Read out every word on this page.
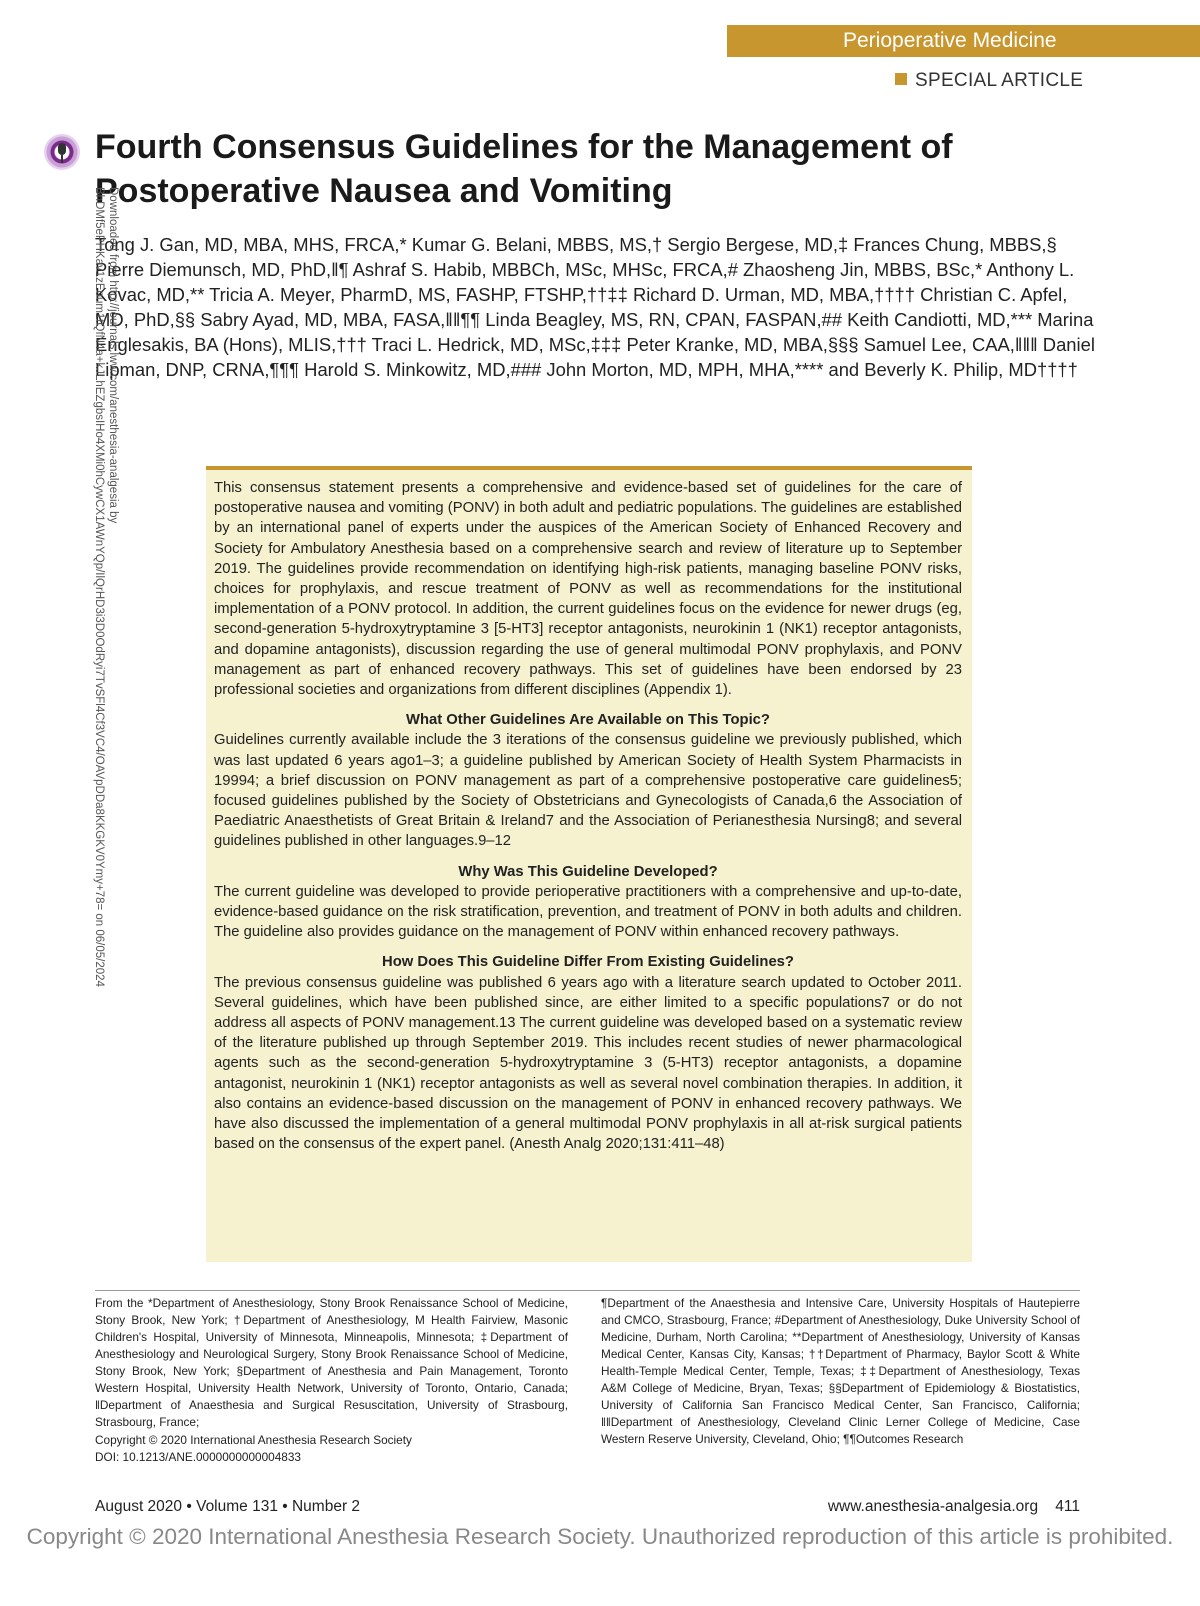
Perioperative Medicine
SPECIAL ARTICLE
Fourth Consensus Guidelines for the Management of Postoperative Nausea and Vomiting
Tong J. Gan, MD, MBA, MHS, FRCA,* Kumar G. Belani, MBBS, MS,† Sergio Bergese, MD,‡ Frances Chung, MBBS,§ Pierre Diemunsch, MD, PhD,‖¶ Ashraf S. Habib, MBBCh, MSc, MHSc, FRCA,# Zhaosheng Jin, MBBS, BSc,* Anthony L. Kovac, MD,** Tricia A. Meyer, PharmD, MS, FASHP, FTSHP,††‡‡ Richard D. Urman, MD, MBA,†††† Christian C. Apfel, MD, PhD,§§ Sabry Ayad, MD, MBA, FASA,‖‖¶¶ Linda Beagley, MS, RN, CPAN, FASPAN,## Keith Candiotti, MD,*** Marina Englesakis, BA (Hons), MLIS,††† Traci L. Hedrick, MD, MSc,‡‡‡ Peter Kranke, MD, MBA,§§§ Samuel Lee, CAA,‖‖‖ Daniel Lipman, DNP, CRNA,¶¶¶ Harold S. Minkowitz, MD,### John Morton, MD, MPH, MHA,**** and Beverly K. Philip, MD††††
Downloaded from http://journals.lww.com/anesthesia-analgesia by BhDMf5ePHKav1zEoum1tQfN4a+kJLhEZgbsIHo4XMi0hCywCX1AWnYQp/IlQrHD3i3D0OdRyi7TvSFl4Cf3VC4/OAVpDDa8KKGKV0Ymy+78= on 06/05/2024	This consensus statement presents a comprehensive and evidence-based set of guidelines for the care of postoperative nausea and vomiting (PONV) in both adult and pediatric populations. The guidelines are established by an international panel of experts under the auspices of the American Society of Enhanced Recovery and Society for Ambulatory Anesthesia based on a comprehensive search and review of literature up to September 2019. The guidelines provide recommendation on identifying high-risk patients, managing baseline PONV risks, choices for prophylaxis, and rescue treatment of PONV as well as recommendations for the institutional implementation of a PONV protocol. In addition, the current guidelines focus on the evidence for newer drugs (eg, second-generation 5-hydroxytryptamine 3 [5-HT3] receptor antagonists, neurokinin 1 (NK1) receptor antagonists, and dopamine antagonists), discussion regarding the use of general multimodal PONV prophylaxis, and PONV management as part of enhanced recovery pathways. This set of guidelines have been endorsed by 23 professional societies and organizations from different disciplines (Appendix 1).

What Other Guidelines Are Available on This Topic?

Guidelines currently available include the 3 iterations of the consensus guideline we previously published, which was last updated 6 years ago1–3; a guideline published by American Society of Health System Pharmacists in 19994; a brief discussion on PONV management as part of a comprehensive postoperative care guidelines5; focused guidelines published by the Society of Obstetricians and Gynecologists of Canada,6 the Association of Paediatric Anaesthetists of Great Britain & Ireland7 and the Association of Perianesthesia Nursing8; and several guidelines published in other languages.9–12

Why Was This Guideline Developed?

The current guideline was developed to provide perioperative practitioners with a comprehensive and up-to-date, evidence-based guidance on the risk stratification, prevention, and treatment of PONV in both adults and children. The guideline also provides guidance on the management of PONV within enhanced recovery pathways.

How Does This Guideline Differ From Existing Guidelines?

The previous consensus guideline was published 6 years ago with a literature search updated to October 2011. Several guidelines, which have been published since, are either limited to a specific populations7 or do not address all aspects of PONV management.13 The current guideline was developed based on a systematic review of the literature published up through September 2019. This includes recent studies of newer pharmacological agents such as the second-generation 5-hydroxytryptamine 3 (5-HT3) receptor antagonists, a dopamine antagonist, neurokinin 1 (NK1) receptor antagonists as well as several novel combination therapies. In addition, it also contains an evidence-based discussion on the management of PONV in enhanced recovery pathways. We have also discussed the implementation of a general multimodal PONV prophylaxis in all at-risk surgical patients based on the consensus of the expert panel. (Anesth Analg 2020;131:411–48)

From the *Department of Anesthesiology, Stony Brook Renaissance School of Medicine, Stony Brook, New York; †Department of Anesthesiology, M Health Fairview, Masonic Children's Hospital, University of Minnesota, Minneapolis, Minnesota; ‡Department of Anesthesiology and Neurological Surgery, Stony Brook Renaissance School of Medicine, Stony Brook, New York; §Department of Anesthesia and Pain Management, Toronto Western Hospital, University Health Network, University of Toronto, Ontario, Canada; ‖Department of Anaesthesia and Surgical Resuscitation, University of Strasbourg, Strasbourg, France;
¶Department of the Anaesthesia and Intensive Care, University Hospitals of Hautepierre and CMCO, Strasbourg, France; #Department of Anesthesiology, Duke University School of Medicine, Durham, North Carolina; **Department of Anesthesiology, University of Kansas Medical Center, Kansas City, Kansas; ††Department of Pharmacy, Baylor Scott & White Health-Temple Medical Center, Temple, Texas; ‡‡Department of Anesthesiology, Texas A&M College of Medicine, Bryan, Texas; §§Department of Epidemiology & Biostatistics, University of California San Francisco Medical Center, San Francisco, California; ‖‖Department of Anesthesiology, Cleveland Clinic Lerner College of Medicine, Case Western Reserve University, Cleveland, Ohio; ¶¶Outcomes Research
Copyright © 2020 International Anesthesia Research Society
DOI: 10.1213/ANE.0000000000004833
August 2020 • Volume 131 • Number 2	www.anesthesia-analgesia.org    411
Copyright © 2020 International Anesthesia Research Society. Unauthorized reproduction of this article is prohibited.
